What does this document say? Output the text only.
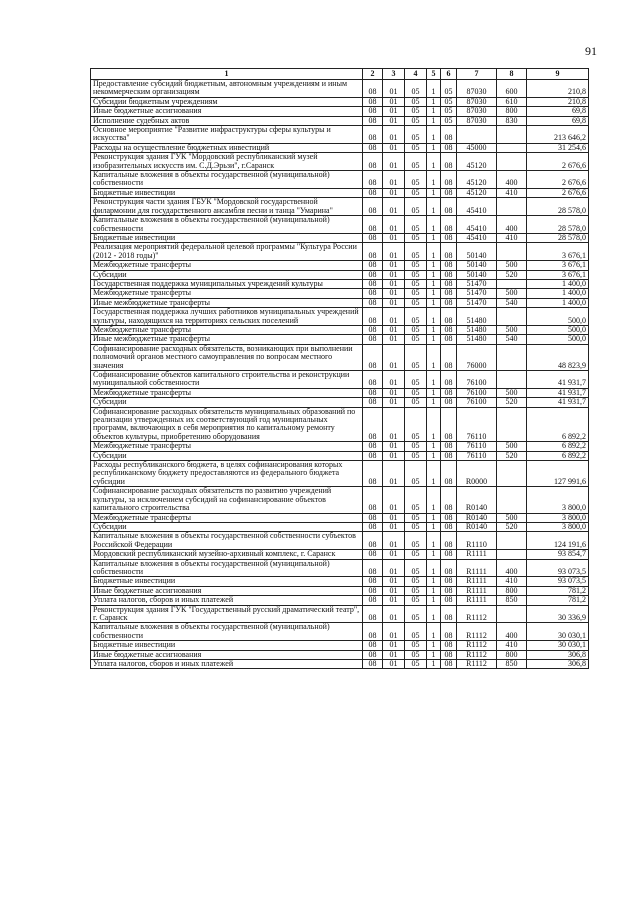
91
1	2	3	4	5	6	7	8	9
Предоставление субсидий бюджетным, автономным учреждениям и иным некоммерческим организациям	08	01	05	1	05	87030	600	210,8
Субсидии бюджетным учреждениям	08	01	05	1	05	87030	610	210,8
Иные бюджетные ассигнования	08	01	05	1	05	87030	800	69,8
Исполнение судебных актов	08	01	05	1	05	87030	830	69,8
Основное мероприятие "Развитие инфраструктуры сферы культуры и искусства"	08	01	05	1	08			213 646,2
Расходы на осуществление бюджетных инвестиций	08	01	05	1	08	45000		31 254,6
Реконструкция здания ГУК "Мордовский республиканский музей изобразительных искусств им. С.Д.Эрьзи", г.Саранск	08	01	05	1	08	45120		2 676,6
Капитальные вложения в объекты государственной (муниципальной) собственности	08	01	05	1	08	45120	400	2 676,6
Бюджетные инвестиции	08	01	05	1	08	45120	410	2 676,6
Реконструкция части здания ГБУК "Мордовской государственной филармонии для государственного ансамбля песни и танца "Умарина"	08	01	05	1	08	45410		28 578,0
Капитальные вложения в объекты государственной (муниципальной) собственности	08	01	05	1	08	45410	400	28 578,0
Бюджетные инвестиции	08	01	05	1	08	45410	410	28 578,0
Реализация мероприятий федеральной целевой программы "Культура России (2012 - 2018 годы)"	08	01	05	1	08	50140		3 676,1
Межбюджетные трансферты	08	01	05	1	08	50140	500	3 676,1
Субсидии	08	01	05	1	08	50140	520	3 676,1
Государственная поддержка муниципальных учреждений культуры	08	01	05	1	08	51470		1 400,0
Межбюджетные трансферты	08	01	05	1	08	51470	500	1 400,0
Иные межбюджетные трансферты	08	01	05	1	08	51470	540	1 400,0
Государственная поддержка лучших работников муниципальных учреждений культуры, находящихся на территориях сельских поселений	08	01	05	1	08	51480		500,0
Межбюджетные трансферты	08	01	05	1	08	51480	500	500,0
Иные межбюджетные трансферты	08	01	05	1	08	51480	540	500,0
Софинансирование расходных обязательств, возникающих при выполнении полномочий органов местного самоуправления по вопросам местного значения	08	01	05	1	08	76000		48 823,9
Софинансирование объектов капитального строительства и реконструкции муниципальной собственности	08	01	05	1	08	76100		41 931,7
Межбюджетные трансферты	08	01	05	1	08	76100	500	41 931,7
Субсидии	08	01	05	1	08	76100	520	41 931,7
Софинансирование расходных обязательств муниципальных образований по реализации утвержденных их соответствующий год муниципальных программ, включающих в себя мероприятия по капитальному ремонту объектов культуры, приобретению оборудования	08	01	05	1	08	76110		6 892,2
Межбюджетные трансферты	08	01	05	1	08	76110	500	6 892,2
Субсидии	08	01	05	1	08	76110	520	6 892,2
Расходы республиканского бюджета, в целях софинансирования которых республиканскому бюджету предоставляются из федерального бюджета субсидии	08	01	05	1	08	R0000		127 991,6
Софинансирование расходных обязательств по развитию учреждений культуры, за исключением субсидий на софинансирование объектов капитального строительства	08	01	05	1	08	R0140		3 800,0
Межбюджетные трансферты	08	01	05	1	08	R0140	500	3 800,0
Субсидии	08	01	05	1	08	R0140	520	3 800,0
Капитальные вложения в объекты государственной собственности субъектов Российской Федерации	08	01	05	1	08	R1110		124 191,6
Мордовский республиканский музейно-архивный комплекс, г. Саранск	08	01	05	1	08	R1111		93 854,7
Капитальные вложения в объекты государственной (муниципальной) собственности	08	01	05	1	08	R1111	400	93 073,5
Бюджетные инвестиции	08	01	05	1	08	R1111	410	93 073,5
Иные бюджетные ассигнования	08	01	05	1	08	R1111	800	781,2
Уплата налогов, сборов и иных платежей	08	01	05	1	08	R1111	850	781,2
Реконструкция здания ГУК "Государственный русский драматический театр", г. Саранск	08	01	05	1	08	R1112		30 336,9
Капитальные вложения в объекты государственной (муниципальной) собственности	08	01	05	1	08	R1112	400	30 030,1
Бюджетные инвестиции	08	01	05	1	08	R1112	410	30 030,1
Иные бюджетные ассигнования	08	01	05	1	08	R1112	800	306,8
Уплата налогов, сборов и иных платежей	08	01	05	1	08	R1112	850	306,8
